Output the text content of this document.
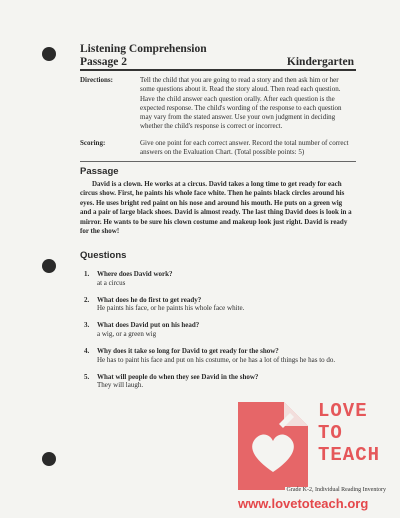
Listening Comprehension
Passage 2	Kindergarten
Directions:	Tell the child that you are going to read a story and then ask him or her some questions about it. Read the story aloud. Then read each question. Have the child answer each question orally. After each question is the expected response. The child's wording of the response to each question may vary from the stated answer. Use your own judgment in deciding whether the child's response is correct or incorrect.
Scoring:	Give one point for each correct answer. Record the total number of correct answers on the Evaluation Chart. (Total possible points: 5)
Passage
David is a clown. He works at a circus. David takes a long time to get ready for each circus show. First, he paints his whole face white. Then he paints black circles around his eyes. He uses bright red paint on his nose and around his mouth. He puts on a green wig and a pair of large black shoes. David is almost ready. The last thing David does is look in a mirror. He wants to be sure his clown costume and makeup look just right. David is ready for the show!
Questions
1. Where does David work?
at a circus
2. What does he do first to get ready?
He paints his face, or he paints his whole face white.
3. What does David put on his head?
a wig, or a green wig
4. Why does it take so long for David to get ready for the show?
He has to paint his face and put on his costume, or he has a lot of things he has to do.
5. What will people do when they see David in the show?
They will laugh.
LOVE
TO
TEACH
Grade K-2, Individual Reading Inventory
www.lovetoteach.org
